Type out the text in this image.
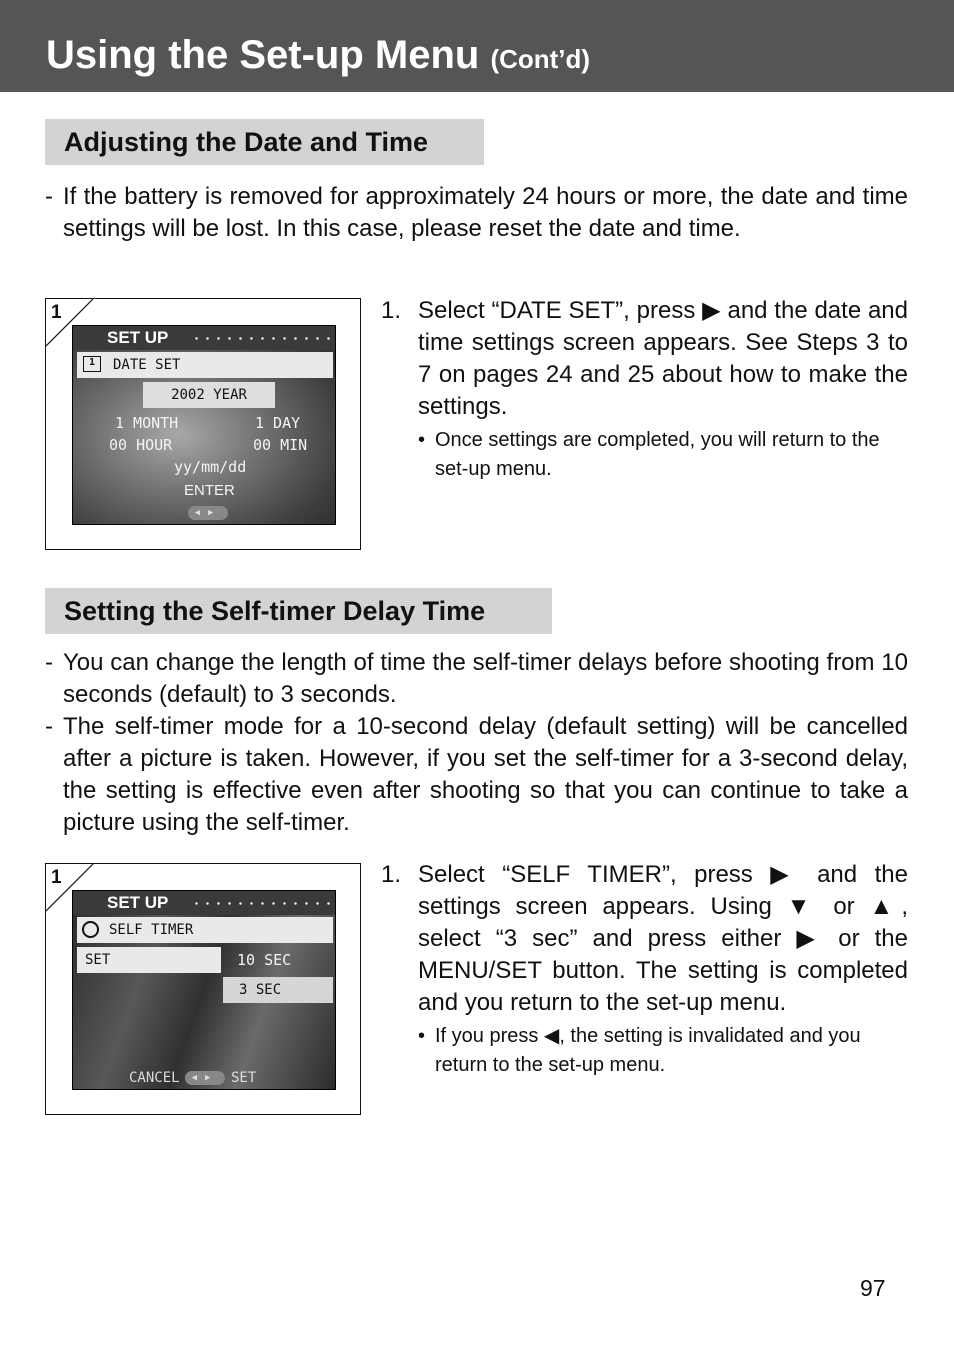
Using the Set-up Menu (Cont’d)
Adjusting the Date and Time
- If the battery is removed for approximately 24 hours or more, the date and time settings will be lost. In this case, please reset the date and time.
1
SET UP
1	DATE SET
2002 YEAR
1 MONTH	1 DAY
00 HOUR	00 MIN
yy/mm/dd
ENTER
◀▶
1. Select “DATE SET”, press ▶ and the date and time settings screen appears. See Steps 3 to 7 on pages 24 and 25 about how to make the settings.
• Once settings are completed, you will return to the set-up menu.
Setting the Self-timer Delay Time
- You can change the length of time the self-timer delays before shooting from 10 seconds (default) to 3 seconds.
- The self-timer mode for a 10-second delay (default setting) will be cancelled after a picture is taken. However, if you set the self-timer for a 3-second delay, the setting is effective even after shooting so that you can continue to take a picture using the self-timer.
1
SET UP
SELF TIMER
SET	10 SEC
3 SEC
CANCEL	◀▶ SET
1. Select “SELF TIMER”, press ▶ and the settings screen appears. Using ▼ or ▲, select “3 sec” and press either ▶ or the MENU/SET button. The setting is completed and you return to the set-up menu.
• If you press ◀, the setting is invalidated and you return to the set-up menu.
97
